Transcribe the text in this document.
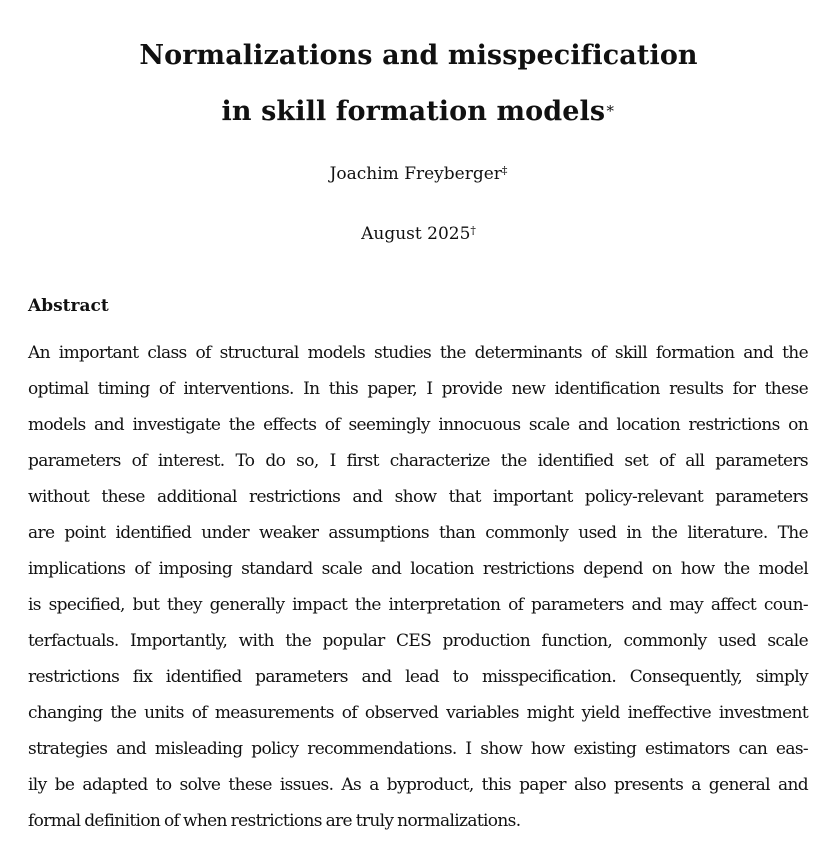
Normalizations and misspecification
in skill formation models∗
Joachim Freyberger‡
August 2025†
Abstract
An important class of structural models studies the determinants of skill formation and the
optimal timing of interventions. In this paper, I provide new identification results for these
models and investigate the effects of seemingly innocuous scale and location restrictions on
parameters of interest. To do so, I first characterize the identified set of all parameters
without these additional restrictions and show that important policy-relevant parameters
are point identified under weaker assumptions than commonly used in the literature. The
implications of imposing standard scale and location restrictions depend on how the model
is specified, but they generally impact the interpretation of parameters and may affect coun-
terfactuals. Importantly, with the popular CES production function, commonly used scale
restrictions fix identified parameters and lead to misspecification. Consequently, simply
changing the units of measurements of observed variables might yield ineffective investment
strategies and misleading policy recommendations. I show how existing estimators can eas-
ily be adapted to solve these issues. As a byproduct, this paper also presents a general and
formal definition of when restrictions are truly normalizations.
